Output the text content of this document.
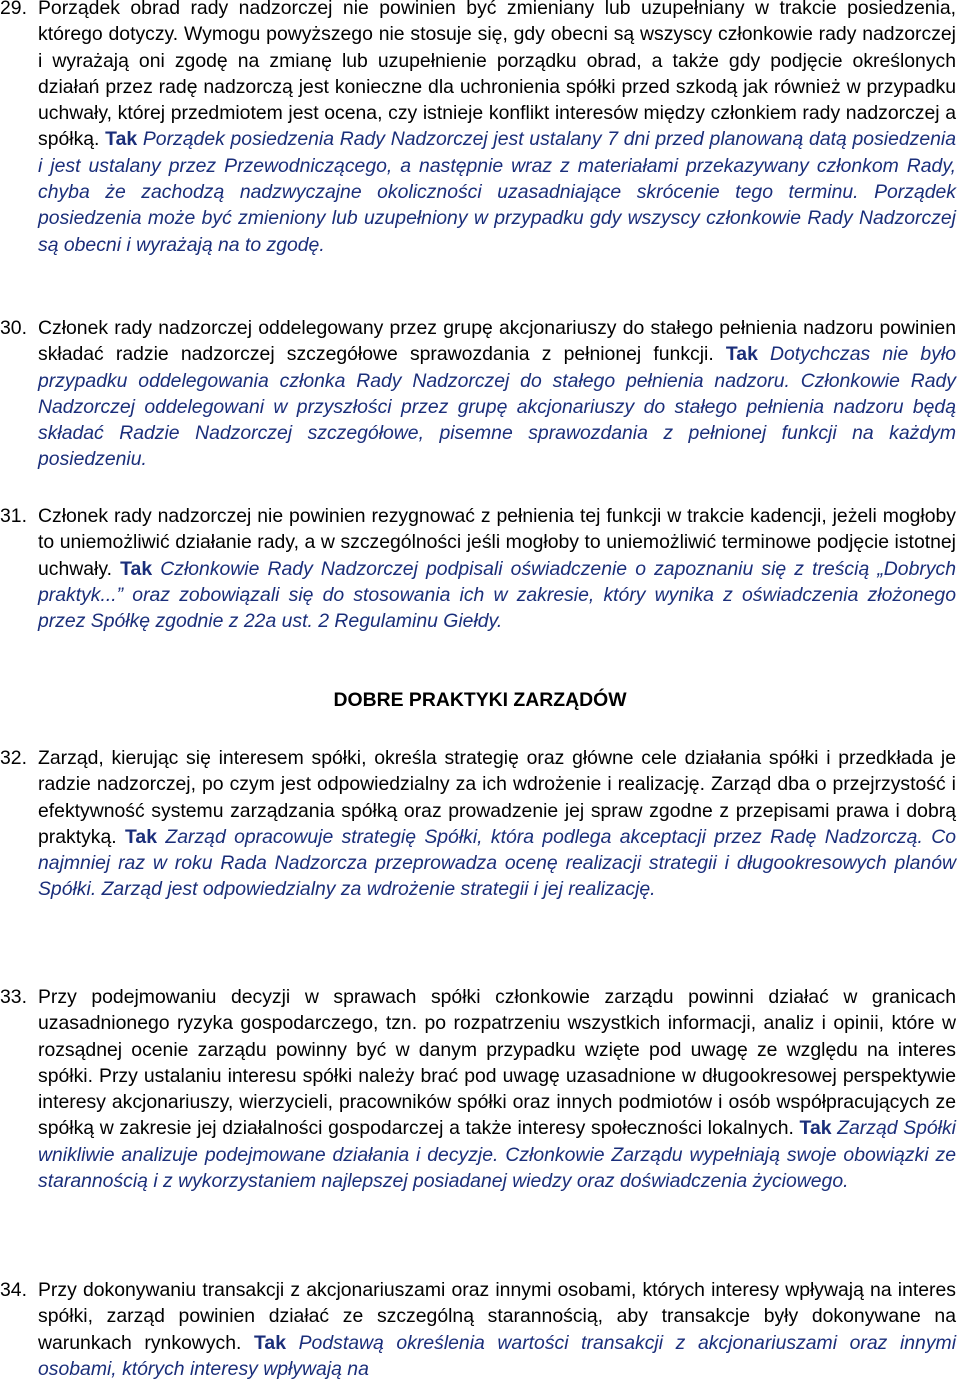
29. Porządek obrad rady nadzorczej nie powinien być zmieniany lub uzupełniany w trakcie posiedzenia, którego dotyczy. Wymogu powyższego nie stosuje się, gdy obecni są wszyscy członkowie rady nadzorczej i wyrażają oni zgodę na zmianę lub uzupełnienie porządku obrad, a także gdy podjęcie określonych działań przez radę nadzorczą jest konieczne dla uchronienia spółki przed szkodą jak również w przypadku uchwały, której przedmiotem jest ocena, czy istnieje konflikt interesów między członkiem rady nadzorczej a spółką. Tak Porządek posiedzenia Rady Nadzorczej jest ustalany 7 dni przed planowaną datą posiedzenia i jest ustalany przez Przewodniczącego, a następnie wraz z materiałami przekazywany członkom Rady, chyba że zachodzą nadzwyczajne okoliczności uzasadniające skrócenie tego terminu. Porządek posiedzenia może być zmieniony lub uzupełniony w przypadku gdy wszyscy członkowie Rady Nadzorczej są obecni i wyrażają na to zgodę.
30. Członek rady nadzorczej oddelegowany przez grupę akcjonariuszy do stałego pełnienia nadzoru powinien składać radzie nadzorczej szczegółowe sprawozdania z pełnionej funkcji. Tak Dotychczas nie było przypadku oddelegowania członka Rady Nadzorczej do stałego pełnienia nadzoru. Członkowie Rady Nadzorczej oddelegowani w przyszłości przez grupę akcjonariuszy do stałego pełnienia nadzoru będą składać Radzie Nadzorczej szczegółowe, pisemne sprawozdania z pełnionej funkcji na każdym posiedzeniu.
31. Członek rady nadzorczej nie powinien rezygnować z pełnienia tej funkcji w trakcie kadencji, jeżeli mogłoby to uniemożliwić działanie rady, a w szczególności jeśli mogłoby to uniemożliwić terminowe podjęcie istotnej uchwały. Tak Członkowie Rady Nadzorczej podpisali oświadczenie o zapoznaniu się z treścią „Dobrych praktyk...” oraz zobowiązali się do stosowania ich w zakresie, który wynika z oświadczenia złożonego przez Spółkę zgodnie z 22a ust. 2 Regulaminu Giełdy.
DOBRE PRAKTYKI ZARZĄDÓW
32. Zarząd, kierując się interesem spółki, określa strategię oraz główne cele działania spółki i przedkłada je radzie nadzorczej, po czym jest odpowiedzialny za ich wdrożenie i realizację. Zarząd dba o przejrzystość i efektywność systemu zarządzania spółką oraz prowadzenie jej spraw zgodne z przepisami prawa i dobrą praktyką. Tak Zarząd opracowuje strategię Spółki, która podlega akceptacji przez Radę Nadzorczą. Co najmniej raz w roku Rada Nadzorcza przeprowadza ocenę realizacji strategii i długookresowych planów Spółki. Zarząd jest odpowiedzialny za wdrożenie strategii i jej realizację.
33. Przy podejmowaniu decyzji w sprawach spółki członkowie zarządu powinni działać w granicach uzasadnionego ryzyka gospodarczego, tzn. po rozpatrzeniu wszystkich informacji, analiz i opinii, które w rozsądnej ocenie zarządu powinny być w danym przypadku wzięte pod uwagę ze względu na interes spółki. Przy ustalaniu interesu spółki należy brać pod uwagę uzasadnione w długookresowej perspektywie interesy akcjonariuszy, wierzycieli, pracowników spółki oraz innych podmiotów i osób współpracujących ze spółką w zakresie jej działalności gospodarczej a także interesy społeczności lokalnych. Tak Zarząd Spółki wnikliwie analizuje podejmowane działania i decyzje. Członkowie Zarządu wypełniają swoje obowiązki ze starannością i z wykorzystaniem najlepszej posiadanej wiedzy oraz doświadczenia życiowego.
34. Przy dokonywaniu transakcji z akcjonariuszami oraz innymi osobami, których interesy wpływają na interes spółki, zarząd powinien działać ze szczególną starannością, aby transakcje były dokonywane na warunkach rynkowych. Tak Podstawą określenia wartości transakcji z akcjonariuszami oraz innymi osobami, których interesy wpływają na
